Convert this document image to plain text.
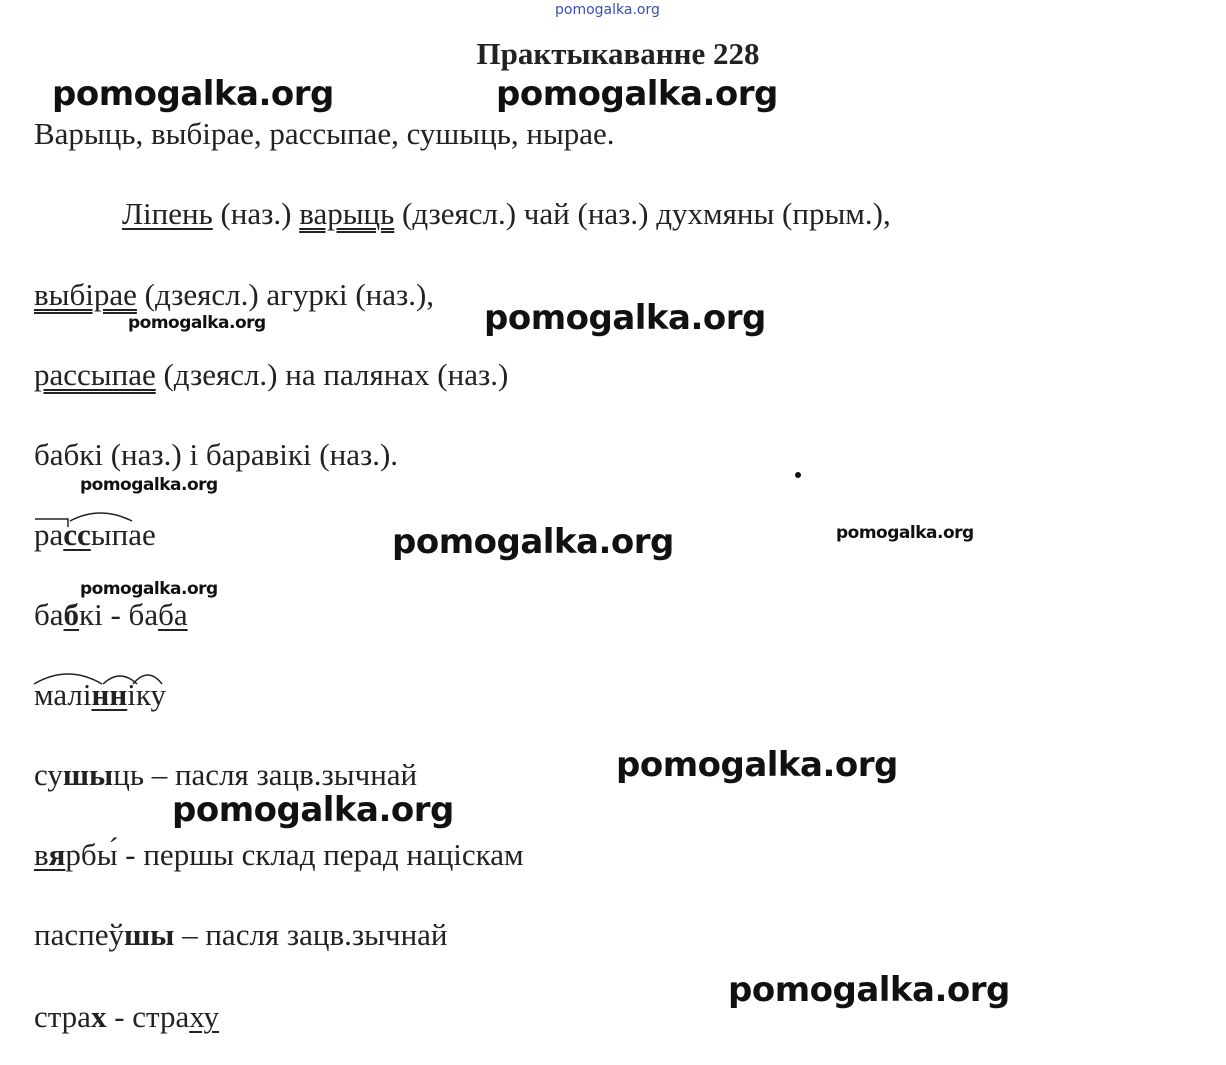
pomogalka.org
Практыкаванне 228
Варыць, выбірае, рассыпае, сушыць, нырае.
Ліпень (наз.) варыць (дзеясл.) чай (наз.) духмяны (прым.),
выбірае (дзеясл.) агуркі (наз.),
рассыпае (дзеясл.) на палянах (наз.)
бабкі (наз.) і баравікі (наз.).
рассыпае
бабкі - баба
малінніку
сушыць – пасля зацв.зычнай
вярбы́ - першы склад перад націскам
паспеўшы – пасля зацв.зычнай
страх - страху
pomogalka.org	pomogalka.org
pomogalka.org	pomogalka.org
pomogalka.org
pomogalka.org	pomogalka.org
pomogalka.org
pomogalka.org
pomogalka.org
pomogalka.org
